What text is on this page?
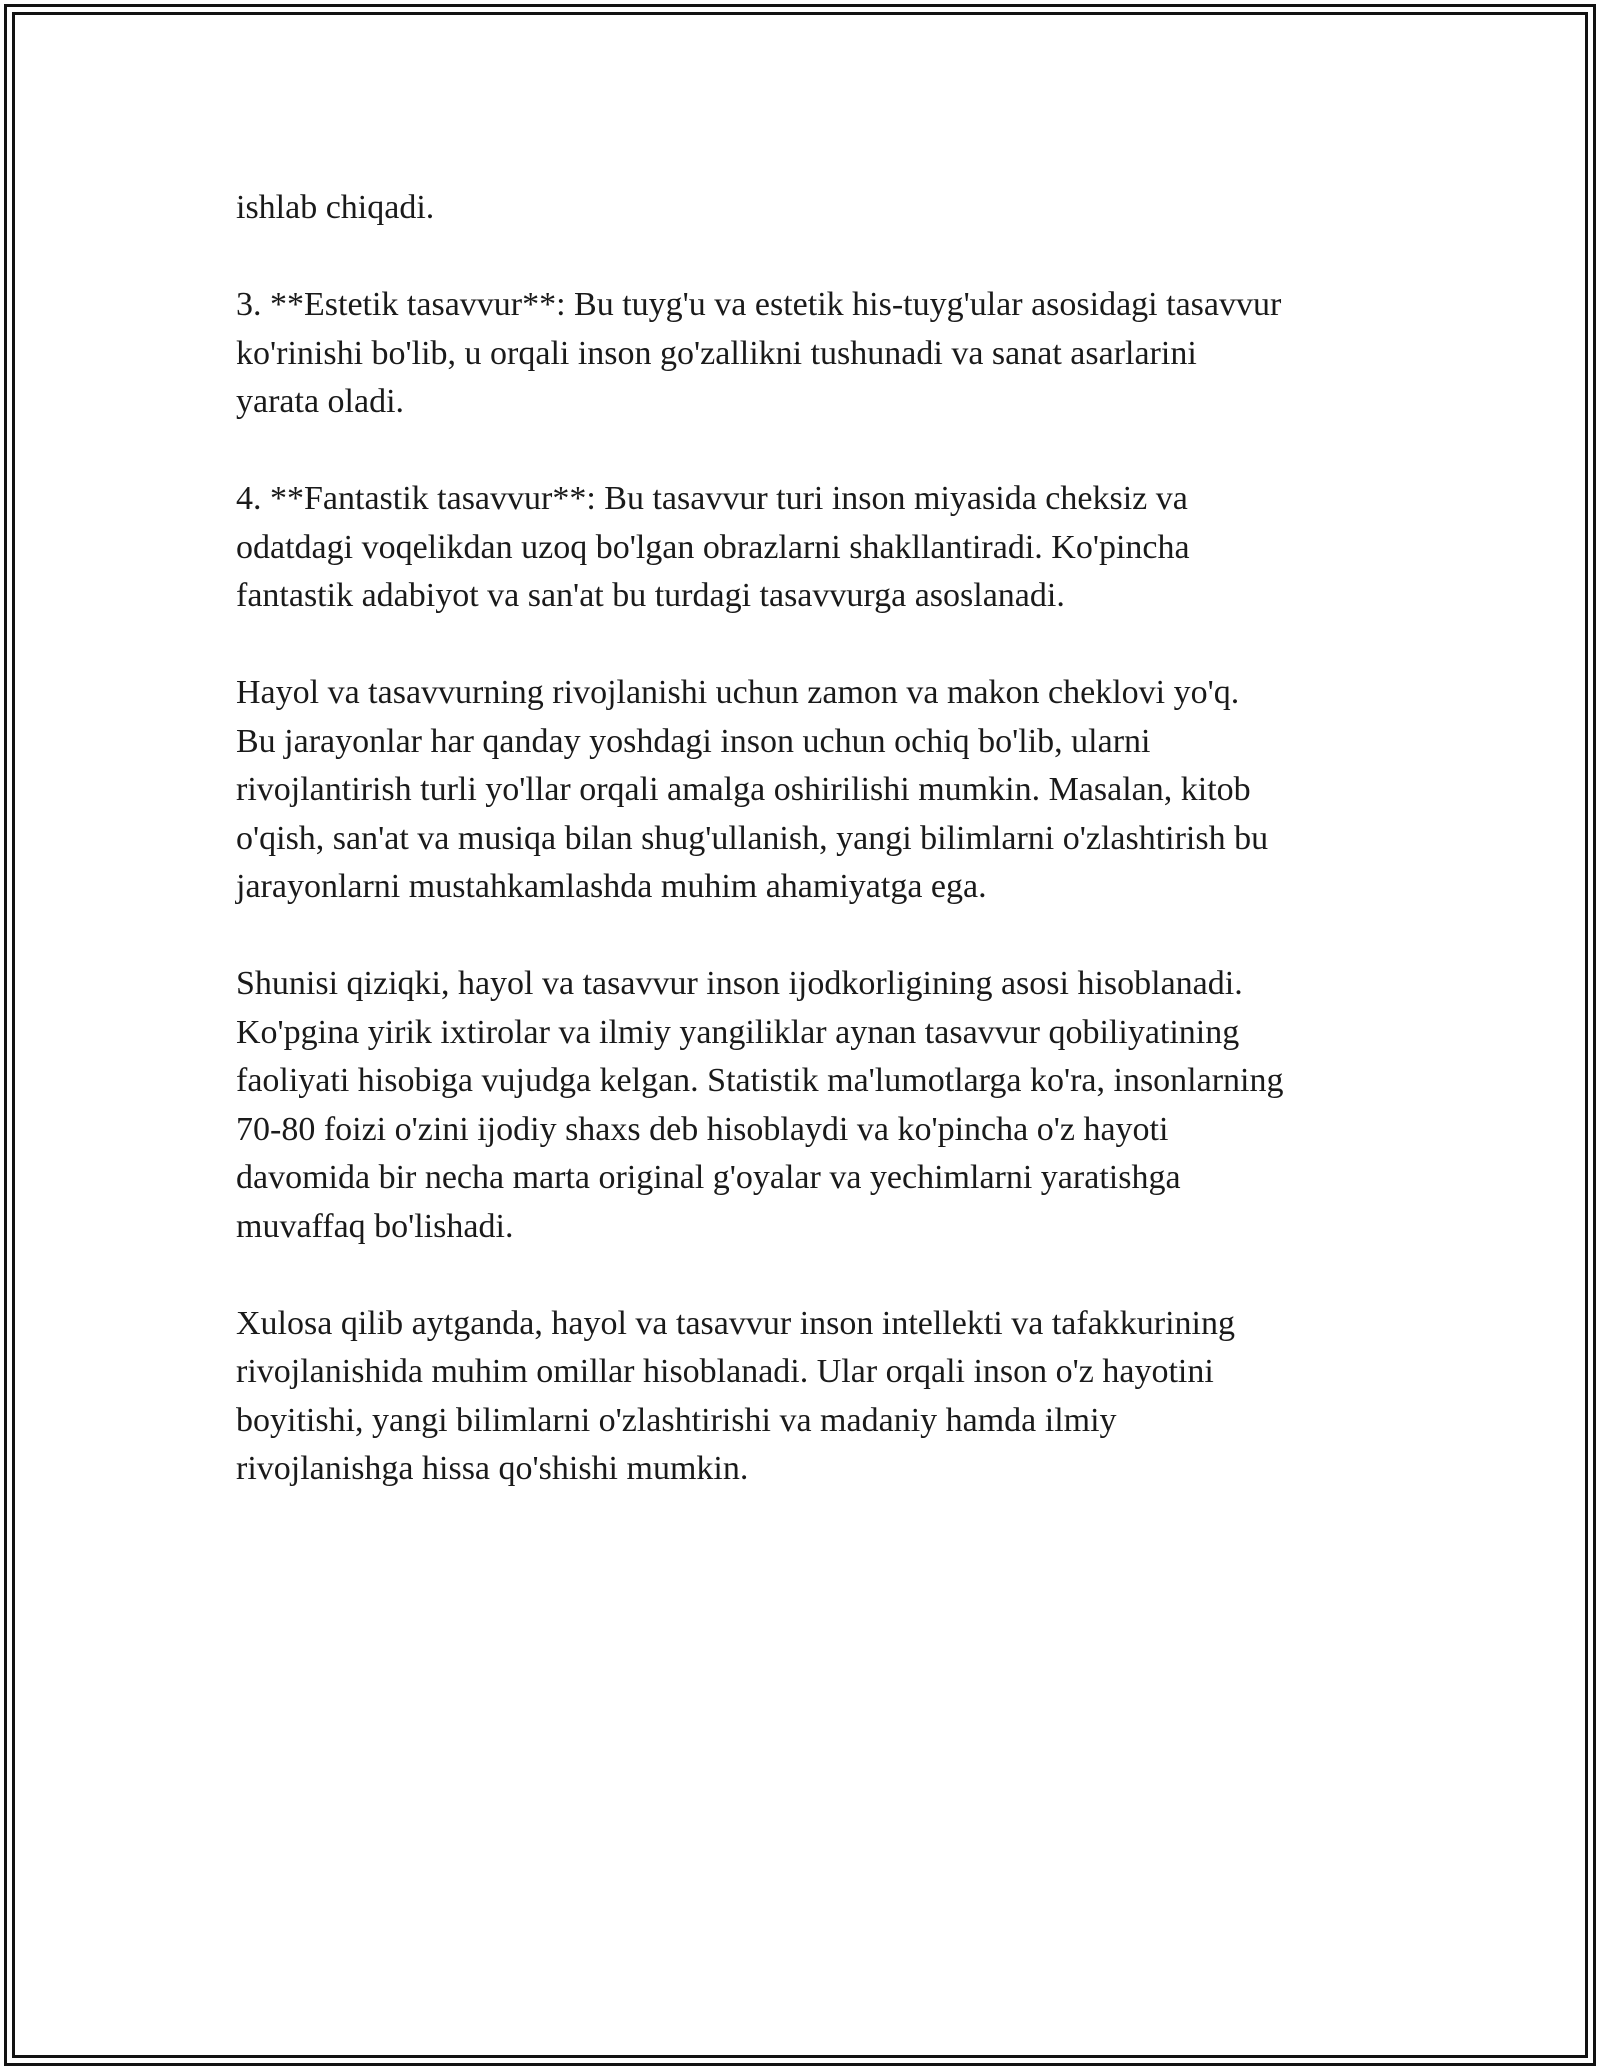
ishlab chiqadi.

3. **Estetik tasavvur**: Bu tuyg'u va estetik his-tuyg'ular asosidagi tasavvur
ko'rinishi bo'lib, u orqali inson go'zallikni tushunadi va sanat asarlarini
yarata oladi.

4. **Fantastik tasavvur**: Bu tasavvur turi inson miyasida cheksiz va
odatdagi voqelikdan uzoq bo'lgan obrazlarni shakllantiradi. Ko'pincha
fantastik adabiyot va san'at bu turdagi tasavvurga asoslanadi.

Hayol va tasavvurning rivojlanishi uchun zamon va makon cheklovi yo'q.
Bu jarayonlar har qanday yoshdagi inson uchun ochiq bo'lib, ularni
rivojlantirish turli yo'llar orqali amalga oshirilishi mumkin. Masalan, kitob
o'qish, san'at va musiqa bilan shug'ullanish, yangi bilimlarni o'zlashtirish bu
jarayonlarni mustahkamlashda muhim ahamiyatga ega.

Shunisi qiziqki, hayol va tasavvur inson ijodkorligining asosi hisoblanadi.
Ko'pgina yirik ixtirolar va ilmiy yangiliklar aynan tasavvur qobiliyatining
faoliyati hisobiga vujudga kelgan. Statistik ma'lumotlarga ko'ra, insonlarning
70-80 foizi o'zini ijodiy shaxs deb hisoblaydi va ko'pincha o'z hayoti
davomida bir necha marta original g'oyalar va yechimlarni yaratishga
muvaffaq bo'lishadi.

Xulosa qilib aytganda, hayol va tasavvur inson intellekti va tafakkurining
rivojlanishida muhim omillar hisoblanadi. Ular orqali inson o'z hayotini
boyitishi, yangi bilimlarni o'zlashtirishi va madaniy hamda ilmiy
rivojlanishga hissa qo'shishi mumkin.
